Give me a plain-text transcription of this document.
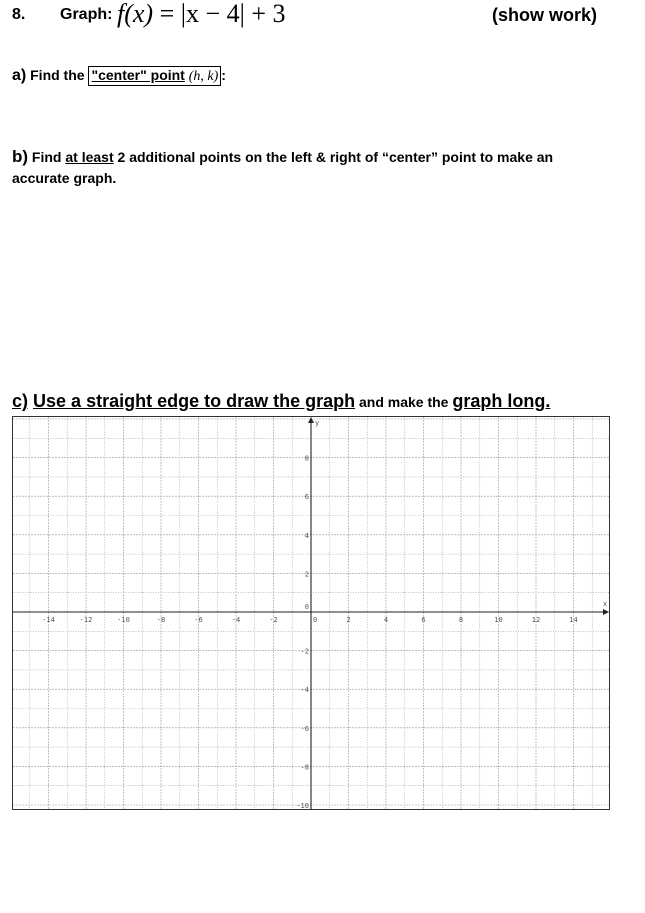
8. Graph: f(x) = |x − 4| + 3	(show work)
a) Find the "center" point (h, k) :
b) Find at least 2 additional points on the left & right of “center” point to make an accurate graph.
c) Use a straight edge to draw the graph and make the graph long.
x
y
-14	-12	-10	-8	-6	-4	-2	0	2	4	6	8	10	12	14
8
6
4
2
0
-2
-4
-6
-8
-10
